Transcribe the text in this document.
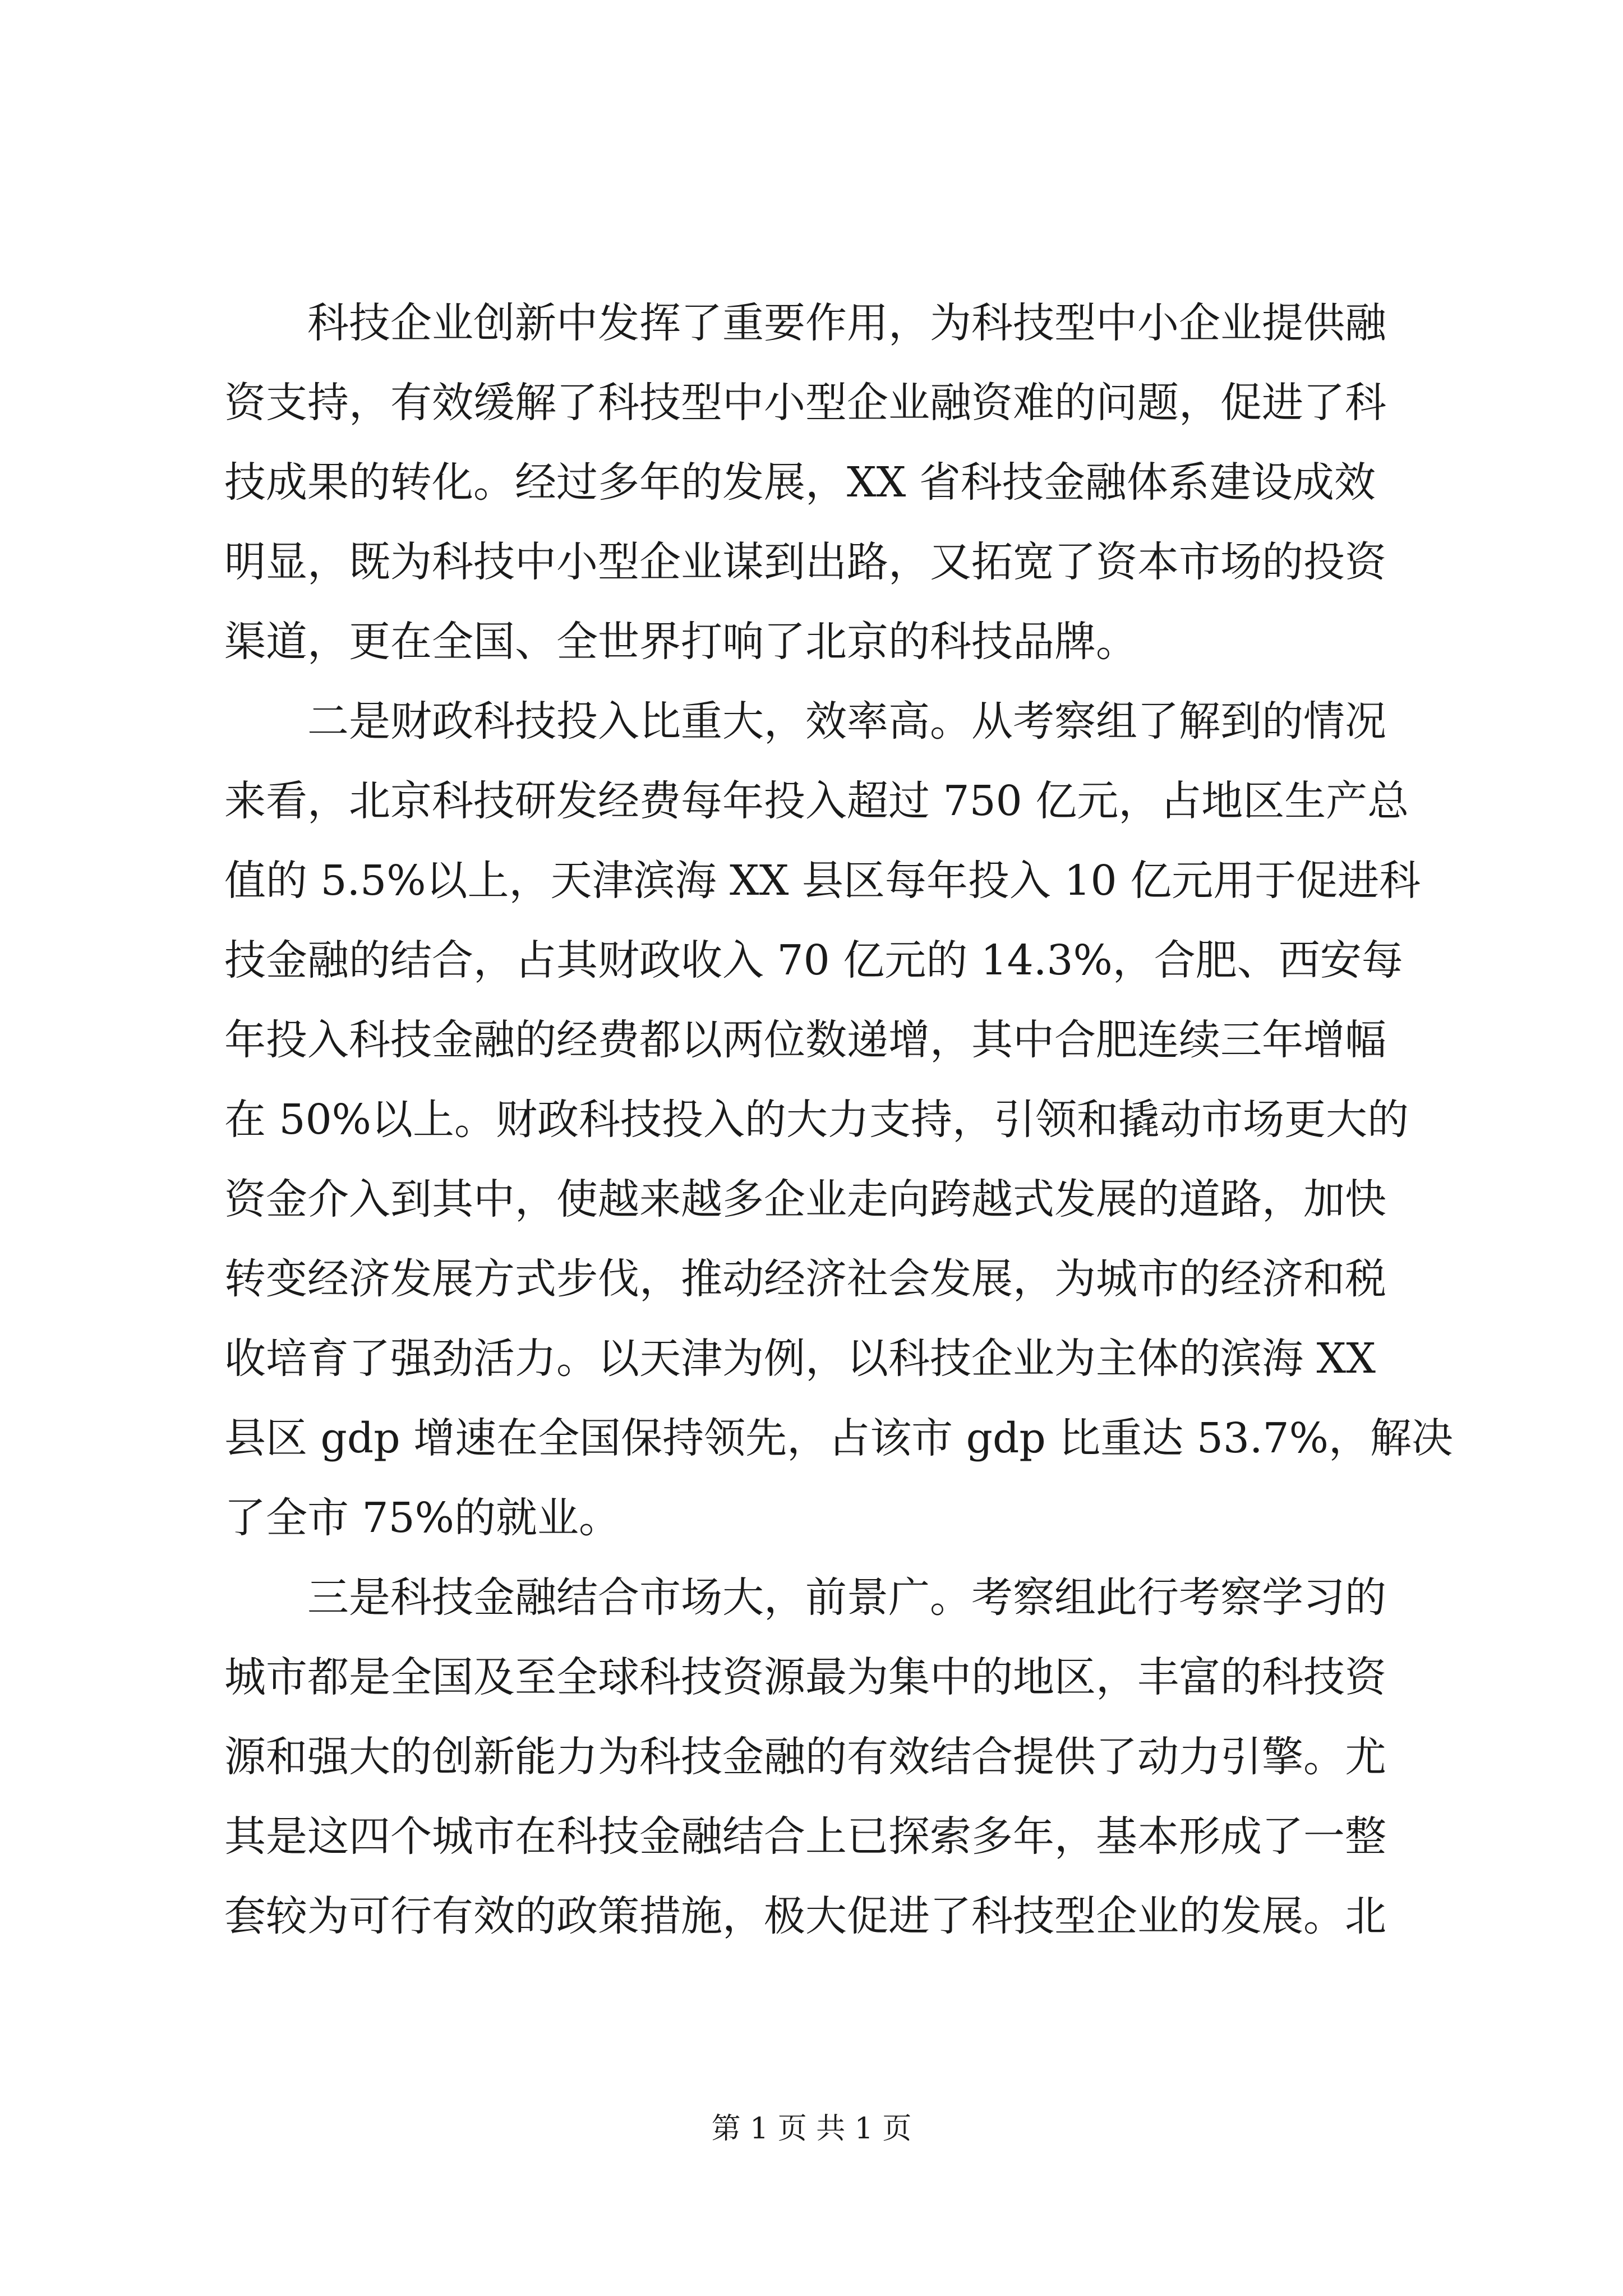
科技企业创新中发挥了重要作用，为科技型中小企业提供融
资支持，有效缓解了科技型中小型企业融资难的问题，促进了科
技成果的转化。经过多年的发展，XX 省科技金融体系建设成效
明显，既为科技中小型企业谋到出路，又拓宽了资本市场的投资
渠道，更在全国、全世界打响了北京的科技品牌。
二是财政科技投入比重大，效率高。从考察组了解到的情况
来看，北京科技研发经费每年投入超过 750 亿元，占地区生产总
值的 5.5%以上，天津滨海 XX 县区每年投入 10 亿元用于促进科
技金融的结合，占其财政收入 70 亿元的 14.3%，合肥、西安每
年投入科技金融的经费都以两位数递增，其中合肥连续三年增幅
在 50%以上。财政科技投入的大力支持，引领和撬动市场更大的
资金介入到其中，使越来越多企业走向跨越式发展的道路，加快
转变经济发展方式步伐，推动经济社会发展，为城市的经济和税
收培育了强劲活力。以天津为例，以科技企业为主体的滨海 XX
县区 gdp 增速在全国保持领先，占该市 gdp 比重达 53.7%，解决
了全市 75%的就业。
三是科技金融结合市场大，前景广。考察组此行考察学习的
城市都是全国及至全球科技资源最为集中的地区，丰富的科技资
源和强大的创新能力为科技金融的有效结合提供了动力引擎。尤
其是这四个城市在科技金融结合上已探索多年，基本形成了一整
套较为可行有效的政策措施，极大促进了科技型企业的发展。北
第 1 页 共 1 页
